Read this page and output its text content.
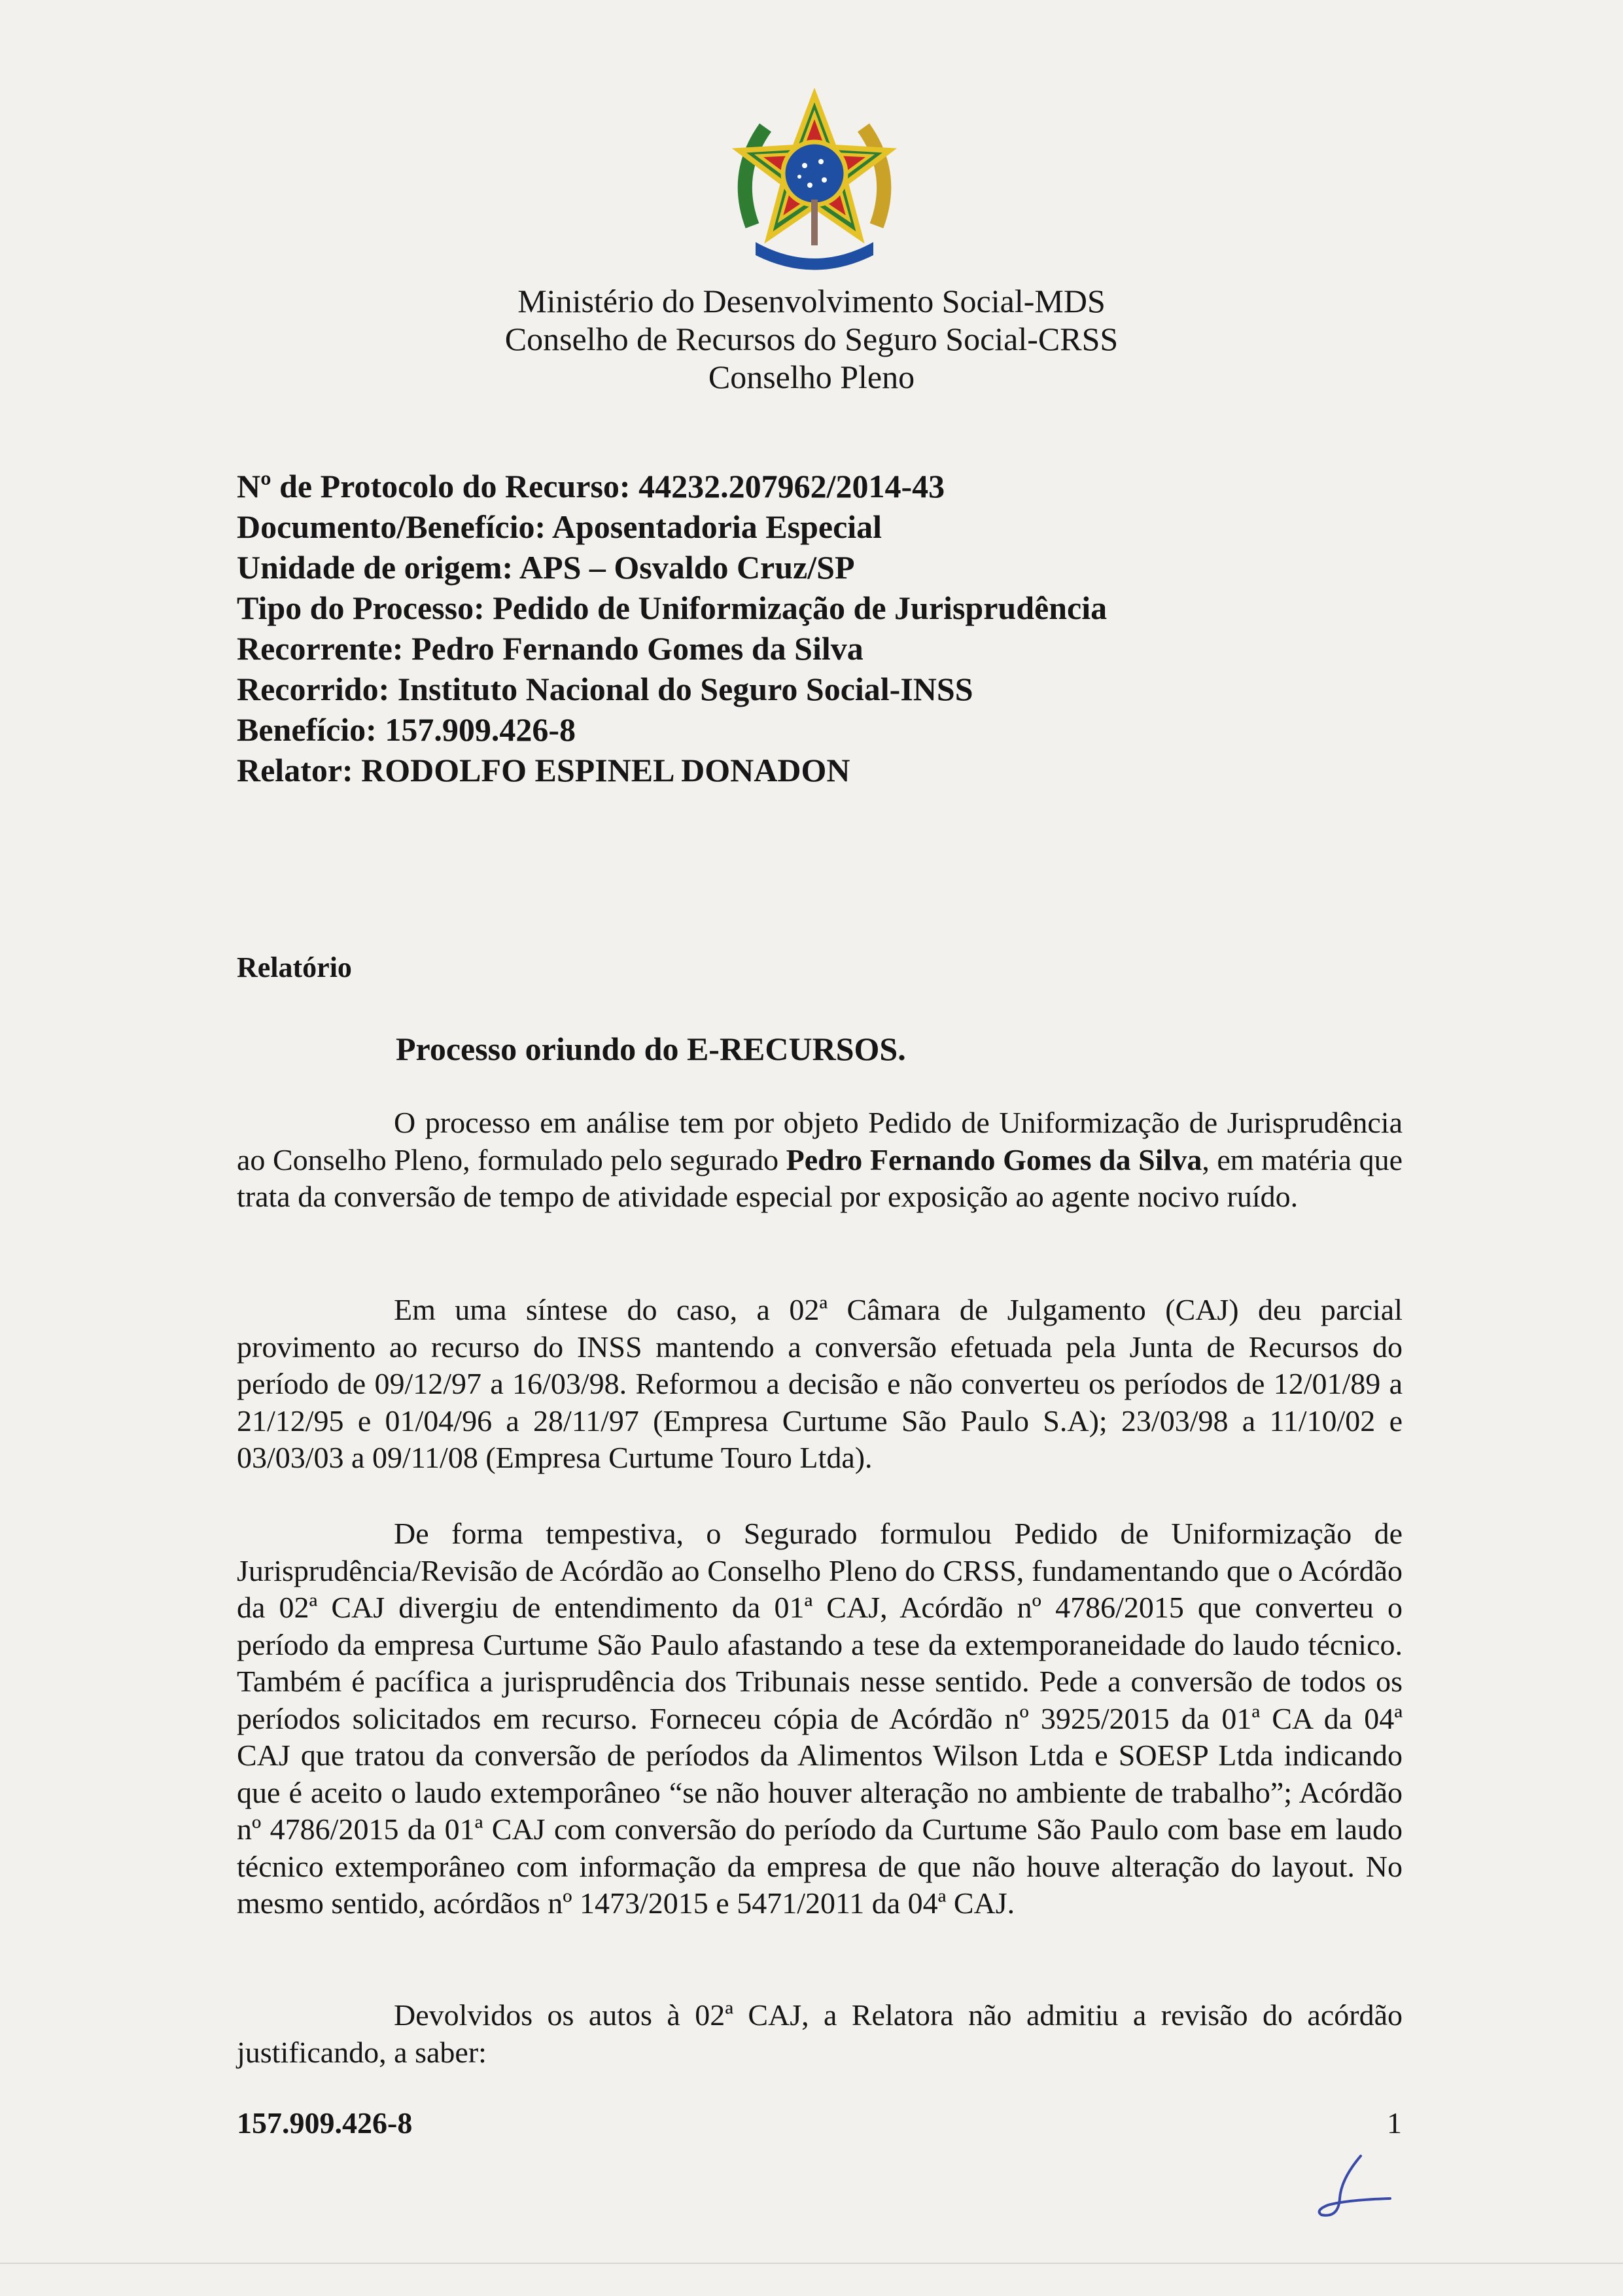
Ministério do Desenvolvimento Social-MDS
Conselho de Recursos do Seguro Social-CRSS
Conselho Pleno
Nº de Protocolo do Recurso: 44232.207962/2014-43
Documento/Benefício: Aposentadoria Especial
Unidade de origem: APS – Osvaldo Cruz/SP
Tipo do Processo: Pedido de Uniformização de Jurisprudência
Recorrente: Pedro Fernando Gomes da Silva
Recorrido: Instituto Nacional do Seguro Social-INSS
Benefício: 157.909.426-8
Relator: RODOLFO ESPINEL DONADON
Relatório
Processo oriundo do E-RECURSOS.
O processo em análise tem por objeto Pedido de Uniformização de Jurisprudência ao Conselho Pleno, formulado pelo segurado Pedro Fernando Gomes da Silva, em matéria que trata da conversão de tempo de atividade especial por exposição ao agente nocivo ruído.
Em uma síntese do caso, a 02ª Câmara de Julgamento (CAJ) deu parcial provimento ao recurso do INSS mantendo a conversão efetuada pela Junta de Recursos do período de 09/12/97 a 16/03/98. Reformou a decisão e não converteu os períodos de 12/01/89 a 21/12/95 e 01/04/96 a 28/11/97 (Empresa Curtume São Paulo S.A); 23/03/98 a 11/10/02 e 03/03/03 a 09/11/08 (Empresa Curtume Touro Ltda).
De forma tempestiva, o Segurado formulou Pedido de Uniformização de Jurisprudência/Revisão de Acórdão ao Conselho Pleno do CRSS, fundamentando que o Acórdão da 02ª CAJ divergiu de entendimento da 01ª CAJ, Acórdão nº 4786/2015 que converteu o período da empresa Curtume São Paulo afastando a tese da extemporaneidade do laudo técnico. Também é pacífica a jurisprudência dos Tribunais nesse sentido. Pede a conversão de todos os períodos solicitados em recurso. Forneceu cópia de Acórdão nº 3925/2015 da 01ª CA da 04ª CAJ que tratou da conversão de períodos da Alimentos Wilson Ltda e SOESP Ltda indicando que é aceito o laudo extemporâneo “se não houver alteração no ambiente de trabalho”; Acórdão nº 4786/2015 da 01ª CAJ com conversão do período da Curtume São Paulo com base em laudo técnico extemporâneo com informação da empresa de que não houve alteração do layout. No mesmo sentido, acórdãos nº 1473/2015 e 5471/2011 da 04ª CAJ.
Devolvidos os autos à 02ª CAJ, a Relatora não admitiu a revisão do acórdão justificando, a saber:
157.909.426-8	1
